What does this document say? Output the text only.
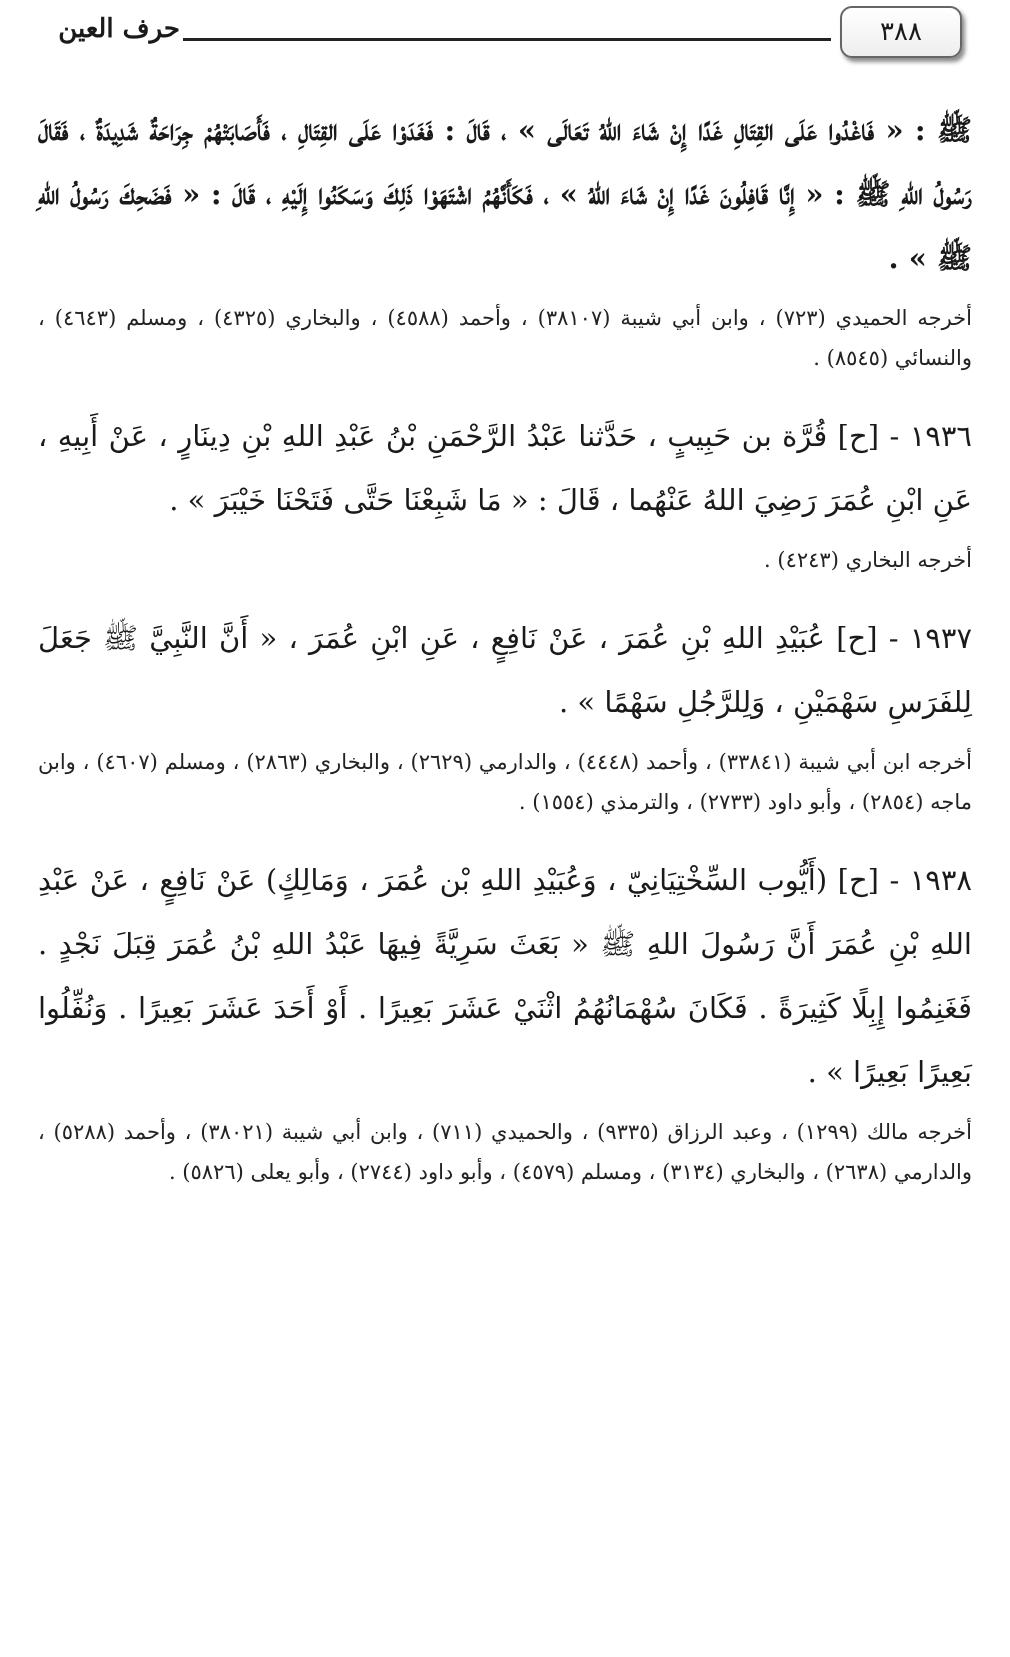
٣٨٨
حرف العين

ﷺ : « فَاغْدُوا عَلَى القِتَالِ غَدًا إِنْ شَاءَ اللهُ تَعَالَى » ، قَالَ : فَغَدَوْا عَلَى القِتَالِ ، فَأَصَابَتْهُمْ جِرَاحَةٌ شَدِيدَةٌ ، فَقَالَ رَسُولُ اللهِ ﷺ : « إِنَّا قَافِلُونَ غَدًا إِنْ شَاءَ اللهُ » ، فَكَأَنَّهُمُ اشْتَهَوْا ذَلِكَ وَسَكَنُوا إِلَيْهِ ، قَالَ : « فَضَحِكَ رَسُولُ اللهِ ﷺ » .

أخرجه الحميدي (٧٢٣) ، وابن أبي شيبة (٣٨١٠٧) ، وأحمد (٤٥٨٨) ، والبخاري (٤٣٢٥) ، ومسلم (٤٦٤٣) ، والنسائي (٨٥٤٥) .

١٩٣٦ - [ح] قُرَّة بن حَبِيبٍ ، حَدَّثنا عَبْدُ الرَّحْمَنِ بْنُ عَبْدِ اللهِ بْنِ دِينَارٍ ، عَنْ أَبِيهِ ، عَنِ ابْنِ عُمَرَ رَضِيَ اللهُ عَنْهُما ، قَالَ : « مَا شَبِعْنَا حَتَّى فَتَحْنَا خَيْبَرَ » .

أخرجه البخاري (٤٢٤٣) .

١٩٣٧ - [ح] عُبَيْدِ اللهِ بْنِ عُمَرَ ، عَنْ نَافِعٍ ، عَنِ ابْنِ عُمَرَ ، « أَنَّ النَّبِيَّ ﷺ جَعَلَ لِلفَرَسِ سَهْمَيْنِ ، وَلِلرَّجُلِ سَهْمًا » .

أخرجه ابن أبي شيبة (٣٣٨٤١) ، وأحمد (٤٤٤٨) ، والدارمي (٢٦٢٩) ، والبخاري (٢٨٦٣) ، ومسلم (٤٦٠٧) ، وابن ماجه (٢٨٥٤) ، وأبو داود (٢٧٣٣) ، والترمذي (١٥٥٤) .

١٩٣٨ - [ح] (أَيُّوب السِّخْتِيَانِيّ ، وَعُبَيْدِ اللهِ بْن عُمَرَ ، وَمَالِكٍ) عَنْ نَافِعٍ ، عَنْ عَبْدِ اللهِ بْنِ عُمَرَ أَنَّ رَسُولَ اللهِ ﷺ « بَعَثَ سَرِيَّةً فِيهَا عَبْدُ اللهِ بْنُ عُمَرَ قِبَلَ نَجْدٍ . فَغَنِمُوا إِبِلًا كَثِيرَةً . فَكَانَ سُهْمَانُهُمُ اثْنَيْ عَشَرَ بَعِيرًا . أَوْ أَحَدَ عَشَرَ بَعِيرًا . وَنُفِّلُوا بَعِيرًا بَعِيرًا » .

أخرجه مالك (١٢٩٩) ، وعبد الرزاق (٩٣٣٥) ، والحميدي (٧١١) ، وابن أبي شيبة (٣٨٠٢١) ، وأحمد (٥٢٨٨) ، والدارمي (٢٦٣٨) ، والبخاري (٣١٣٤) ، ومسلم (٤٥٧٩) ، وأبو داود (٢٧٤٤) ، وأبو يعلى (٥٨٢٦) .
